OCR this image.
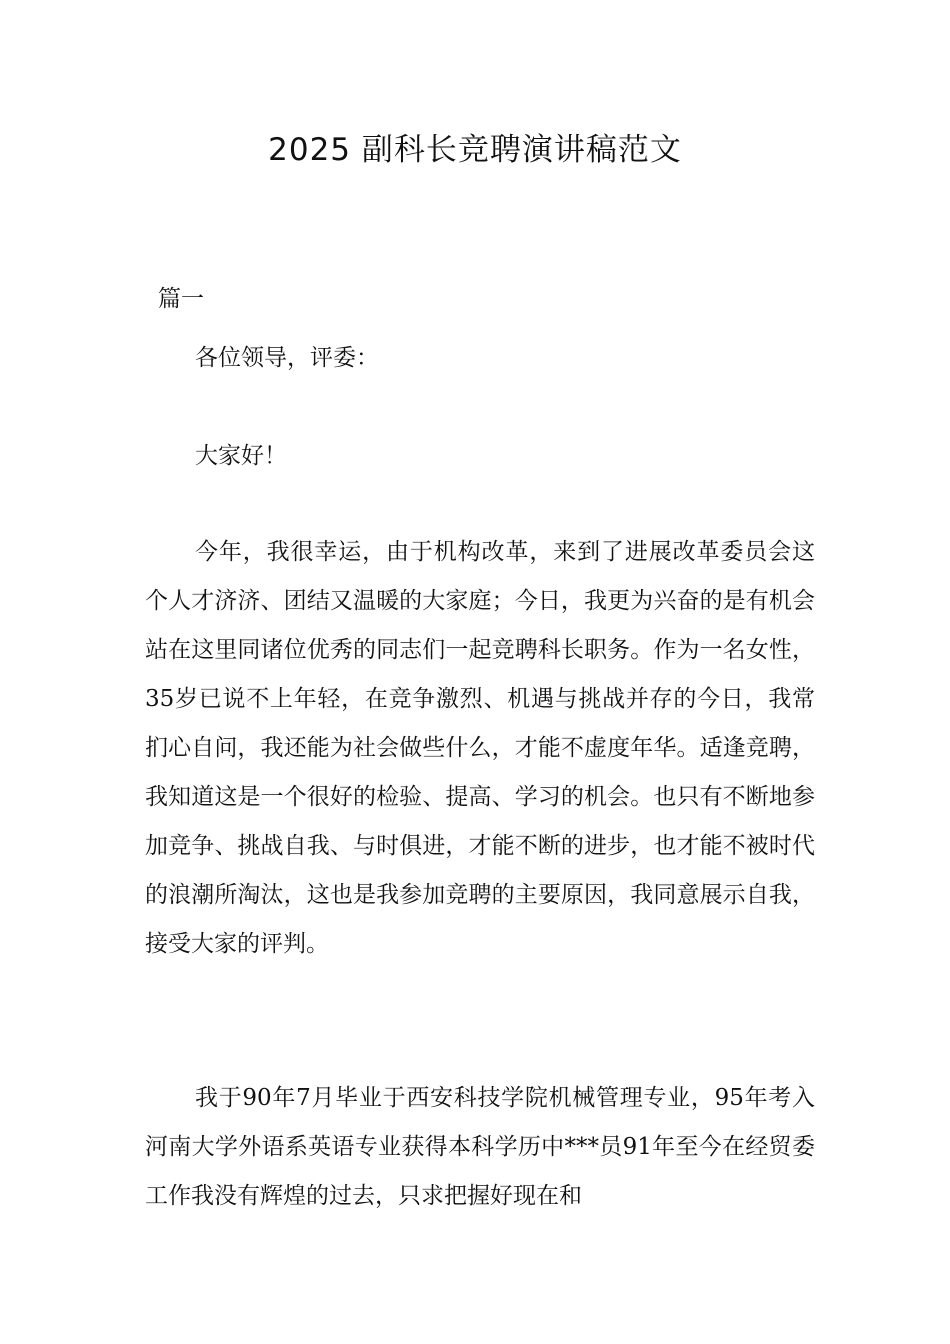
2025 副科长竞聘演讲稿范文
篇一

各位领导，评委：

大家好！

今年，我很幸运，由于机构改革，来到了进展改革委员会这个人才济济、团结又温暖的大家庭；今日，我更为兴奋的是有机会站在这里同诸位优秀的同志们一起竞聘科长职务。作为一名女性，35岁已说不上年轻，在竞争激烈、机遇与挑战并存的今日，我常扪心自问，我还能为社会做些什么，才能不虚度年华。适逢竞聘，我知道这是一个很好的检验、提高、学习的机会。也只有不断地参加竞争、挑战自我、与时俱进，才能不断的进步，也才能不被时代的浪潮所淘汰，这也是我参加竞聘的主要原因，我同意展示自我，接受大家的评判。

我于90年7月毕业于西安科技学院机械管理专业，95年考入河南大学外语系英语专业获得本科学历中***员91年至今在经贸委工作我没有辉煌的过去，只求把握好现在和
